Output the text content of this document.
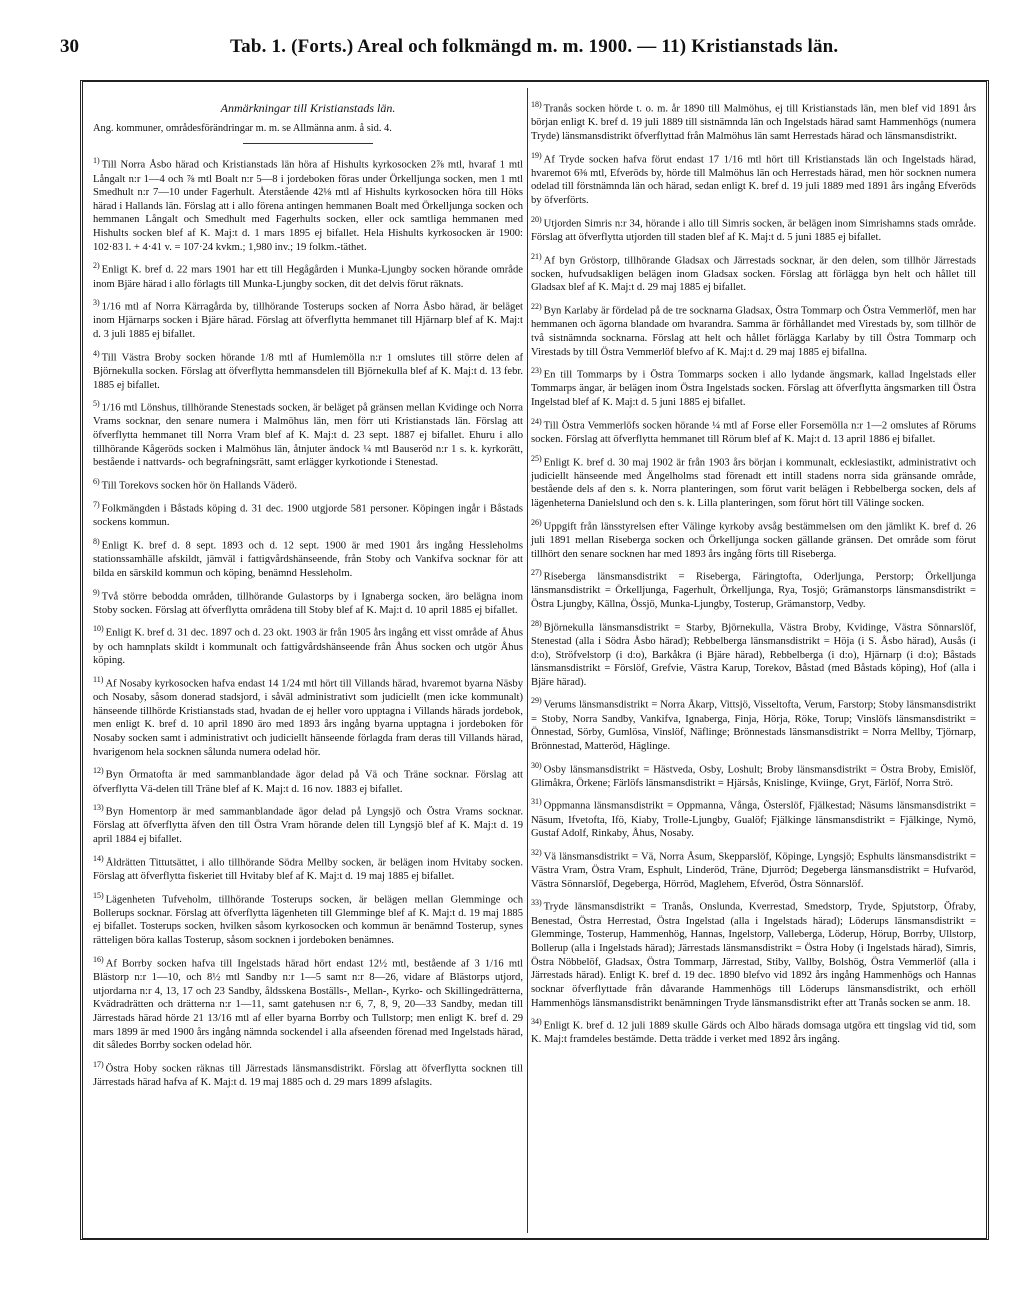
30	Tab. 1. (Forts.) Areal och folkmängd m. m. 1900. — 11) Kristianstads län.
Anmärkningar till Kristianstads län.
Ang. kommuner, områdesförändringar m. m. se Allmänna anm. å sid. 4.

$^{1)}$ Till Norra Åsbo härad och Kristianstads län höra af Hishults kyrkosocken 2⅞ mtl, hvaraf 1 mtl Långalt n:r 1—4 och ⅞ mtl Boalt n:r 5—8 i jordeboken föras under Örkelljunga socken, men 1 mtl Smedhult n:r 7—10 under Fagerhult. Återstående 42⅛ mtl af Hishults kyrkosocken höra till Höks härad i Hallands län. Förslag att i allo förena antingen hemmanen Boalt med Örkelljunga socken och hemmanen Långalt och Smedhult med Fagerhults socken, eller ock samtliga hemmanen med Hishults socken blef af K. Maj:t d. 1 mars 1895 ej bifallet. Hela Hishults kyrkosocken är 1900: 102·83 l. + 4·41 v. = 107·24 kvkm.; 1,980 inv.; 19 folkm.-täthet.

$^{2)}$ Enligt K. bref d. 22 mars 1901 har ett till Hegågården i Munka-Ljungby socken hörande område inom Bjäre härad i allo förlagts till Munka-Ljungby socken, dit det delvis förut räknats.

$^{3)}$ 1/16 mtl af Norra Kärragårda by, tillhörande Tosterups socken af Norra Åsbo härad, är beläget inom Hjärnarps socken i Bjäre härad. Förslag att öfverflytta hemmanet till Hjärnarp blef af K. Maj:t d. 3 juli 1885 ej bifallet.

$^{4)}$ Till Västra Broby socken hörande 1/8 mtl af Humlemölla n:r 1 omslutes till större delen af Björnekulla socken. Förslag att öfverflytta hemmansdelen till Björnekulla blef af K. Maj:t d. 13 febr. 1885 ej bifallet.

$^{5)}$ 1/16 mtl Lönshus, tillhörande Stenestads socken, är beläget på gränsen mellan Kvidinge och Norra Vrams socknar, den senare numera i Malmöhus län, men förr uti Kristianstads län. Förslag att öfverflytta hemmanet till Norra Vram blef af K. Maj:t d. 23 sept. 1887 ej bifallet. Ehuru i allo tillhörande Kågeröds socken i Malmöhus län, åtnjuter ändock ¼ mtl Bauseröd n:r 1 s. k. kyrkorätt, bestående i nattvards- och begrafningsrätt, samt erlägger kyrkotionde i Stenestad.

$^{6)}$ Till Torekovs socken hör ön Hallands Väderö.

$^{7)}$ Folkmängden i Båstads köping d. 31 dec. 1900 utgjorde 581 personer. Köpingen ingår i Båstads sockens kommun.

$^{8)}$ Enligt K. bref d. 8 sept. 1893 och d. 12 sept. 1900 är med 1901 års ingång Hessleholms stationssamhälle afskildt, jämväl i fattigvårdshänseende, från Stoby och Vankifva socknar för att bilda en särskild kommun och köping, benämnd Hessleholm.

$^{9)}$ Två större bebodda områden, tillhörande Gulastorps by i Ignaberga socken, äro belägna inom Stoby socken. Förslag att öfverflytta områdena till Stoby blef af K. Maj:t d. 10 april 1885 ej bifallet.

$^{10)}$ Enligt K. bref d. 31 dec. 1897 och d. 23 okt. 1903 är från 1905 års ingång ett visst område af Åhus by och hamnplats skildt i kommunalt och fattigvårdshänseende från Åhus socken och utgör Åhus köping.

$^{11)}$ Af Nosaby kyrkosocken hafva endast 14 1/24 mtl hört till Villands härad, hvaremot byarna Näsby och Nosaby, såsom donerad stadsjord, i såväl administrativt som judiciellt (men icke kommunalt) hänseende tillhörde Kristianstads stad, hvadan de ej heller voro upptagna i Villands härads jordebok, men enligt K. bref d. 10 april 1890 äro med 1893 års ingång byarna upptagna i jordeboken för Nosaby socken samt i administrativt och judiciellt hänseende förlagda fram deras till Villands härad, hvarigenom hela socknen sålunda numera odelad hör.

$^{12)}$ Byn Örmatofta är med sammanblandade ägor delad på Vä och Träne socknar. Förslag att öfverflytta Vä-delen till Träne blef af K. Maj:t d. 16 nov. 1883 ej bifallet.

$^{13)}$ Byn Homentorp är med sammanblandade ägor delad på Lyngsjö och Östra Vrams socknar. Förslag att öfverflytta äfven den till Östra Vram hörande delen till Lyngsjö blef af K. Maj:t d. 19 april 1884 ej bifallet.

$^{14)}$ Åldrätten Tittutsättet, i allo tillhörande Södra Mellby socken, är belägen inom Hvitaby socken. Förslag att öfverflytta fiskeriet till Hvitaby blef af K. Maj:t d. 19 maj 1885 ej bifallet.

$^{15)}$ Lägenheten Tufveholm, tillhörande Tosterups socken, är belägen mellan Glemminge och Bollerups socknar. Förslag att öfverflytta lägenheten till Glemminge blef af K. Maj:t d. 19 maj 1885 ej bifallet. Tosterups socken, hvilken såsom kyrkosocken och kommun är benämnd Tosterup, synes rätteligen böra kallas Tosterup, såsom socknen i jordeboken benämnes.

$^{16)}$ Af Borrby socken hafva till Ingelstads härad hört endast 12½ mtl, bestående af 3 1/16 mtl Blästorp n:r 1—10, och 8½ mtl Sandby n:r 1—5 samt n:r 8—26, vidare af Blästorps utjord, utjordarna n:r 4, 13, 17 och 23 Sandby, åldsskena Boställs-, Mellan-, Kyrko- och Skillingedrätterna, Kvädradrätten och drätterna n:r 1—11, samt gatehusen n:r 6, 7, 8, 9, 20—33 Sandby, medan till Järrestads härad hörde 21 13/16 mtl af eller byarna Borrby och Tullstorp; men enligt K. bref d. 29 mars 1899 är med 1900 års ingång nämnda sockendel i alla afseenden förenad med Ingelstads härad, dit således Borrby socken odelad hör.

$^{17)}$ Östra Hoby socken räknas till Järrestads länsmansdistrikt. Förslag att öfverflytta socknen till Järrestads härad hafva af K. Maj:t d. 19 maj 1885 och d. 29 mars 1899 afslagits.

$^{18)}$ Tranås socken hörde t. o. m. år 1890 till Malmöhus, ej till Kristianstads län, men blef vid 1891 års början enligt K. bref d. 19 juli 1889 till sistnämnda län och Ingelstads härad samt Hammenhögs (numera Tryde) länsmansdistrikt öfverflyttad från Malmöhus län samt Herrestads härad och länsmansdistrikt.

$^{19)}$ Af Tryde socken hafva förut endast 17 1/16 mtl hört till Kristianstads län och Ingelstads härad, hvaremot 6⅜ mtl, Efveröds by, hörde till Malmöhus län och Herrestads härad, men hör socknen numera odelad till förstnämnda län och härad, sedan enligt K. bref d. 19 juli 1889 med 1891 års ingång Efveröds by öfverförts.

$^{20)}$ Utjorden Simris n:r 34, hörande i allo till Simris socken, är belägen inom Simrishamns stads område. Förslag att öfverflytta utjorden till staden blef af K. Maj:t d. 5 juni 1885 ej bifallet.

$^{21)}$ Af byn Gröstorp, tillhörande Gladsax och Järrestads socknar, är den delen, som tillhör Järrestads socken, hufvudsakligen belägen inom Gladsax socken. Förslag att förlägga byn helt och hållet till Gladsax blef af K. Maj:t d. 29 maj 1885 ej bifallet.

$^{22)}$ Byn Karlaby är fördelad på de tre socknarna Gladsax, Östra Tommarp och Östra Vemmerlöf, men har hemmanen och ägorna blandade om hvarandra. Samma är förhållandet med Virestads by, som tillhör de två sistnämnda socknarna. Förslag att helt och hållet förlägga Karlaby by till Östra Tommarp och Virestads by till Östra Vemmerlöf blefvo af K. Maj:t d. 29 maj 1885 ej bifallna.

$^{23)}$ En till Tommarps by i Östra Tommarps socken i allo lydande ängsmark, kallad Ingelstads eller Tommarps ängar, är belägen inom Östra Ingelstads socken. Förslag att öfverflytta ängsmarken till Östra Ingelstad blef af K. Maj:t d. 5 juni 1885 ej bifallet.

$^{24)}$ Till Östra Vemmerlöfs socken hörande ¼ mtl af Forse eller Forsemölla n:r 1—2 omslutes af Rörums socken. Förslag att öfverflytta hemmanet till Rörum blef af K. Maj:t d. 13 april 1886 ej bifallet.

$^{25)}$ Enligt K. bref d. 30 maj 1902 är från 1903 års början i kommunalt, ecklesiastikt, administrativt och judiciellt hänseende med Ängelholms stad förenadt ett intill stadens norra sida gränsande område, bestående dels af den s. k. Norra planteringen, som förut varit belägen i Rebbelberga socken, dels af lägenheterna Danielslund och den s. k. Lilla planteringen, som förut hört till Välinge socken.

$^{26)}$ Uppgift från länsstyrelsen efter Välinge kyrkoby avsåg bestämmelsen om den jämlikt K. bref d. 26 juli 1891 mellan Riseberga socken och Örkelljunga socken gällande gränsen. Det område som förut tillhört den senare socknen har med 1893 års ingång förts till Riseberga.

$^{27)}$ Riseberga länsmansdistrikt = Riseberga, Färingtofta, Oderljunga, Perstorp; Örkelljunga länsmansdistrikt = Örkelljunga, Fagerhult, Örkelljunga, Rya, Tosjö; Grämanstorps länsmansdistrikt = Östra Ljungby, Källna, Össjö, Munka-Ljungby, Tosterup, Grämanstorp, Vedby.

$^{28)}$ Björnekulla länsmansdistrikt = Starby, Björnekulla, Västra Broby, Kvidinge, Västra Sönnarslöf, Stenestad (alla i Södra Åsbo härad); Rebbelberga länsmansdistrikt = Höja (i S. Åsbo härad), Ausås (i d:o), Ströfvelstorp (i d:o), Barkåkra (i Bjäre härad), Rebbelberga (i d:o), Hjärnarp (i d:o); Båstads länsmansdistrikt = Förslöf, Grefvie, Västra Karup, Torekov, Båstad (med Båstads köping), Hof (alla i Bjäre härad).

$^{29)}$ Verums länsmansdistrikt = Norra Åkarp, Vittsjö, Visseltofta, Verum, Farstorp; Stoby länsmansdistrikt = Stoby, Norra Sandby, Vankifva, Ignaberga, Finja, Hörja, Röke, Torup; Vinslöfs länsmansdistrikt = Önnestad, Sörby, Gumlösa, Vinslöf, Näflinge; Brönnestads länsmansdistrikt = Norra Mellby, Tjörnarp, Brönnestad, Matteröd, Häglinge.

$^{30)}$ Osby länsmansdistrikt = Hästveda, Osby, Loshult; Broby länsmansdistrikt = Östra Broby, Emislöf, Glimåkra, Örkene; Färlöfs länsmansdistrikt = Hjärsås, Knislinge, Kviinge, Gryt, Färlöf, Norra Strö.

$^{31)}$ Oppmanna länsmansdistrikt = Oppmanna, Vånga, Österslöf, Fjälkestad; Näsums länsmansdistrikt = Näsum, Ifvetofta, Ifö, Kiaby, Trolle-Ljungby, Gualöf; Fjälkinge länsmansdistrikt = Fjälkinge, Nymö, Gustaf Adolf, Rinkaby, Åhus, Nosaby.

$^{32)}$ Vä länsmansdistrikt = Vä, Norra Åsum, Skepparslöf, Köpinge, Lyngsjö; Esphults länsmansdistrikt = Västra Vram, Östra Vram, Esphult, Linderöd, Träne, Djurröd; Degeberga länsmansdistrikt = Hufvaröd, Västra Sönnarslöf, Degeberga, Hörröd, Maglehem, Efveröd, Östra Sönnarslöf.

$^{33)}$ Tryde länsmansdistrikt = Tranås, Onslunda, Kverrestad, Smedstorp, Tryde, Spjutstorp, Öfraby, Benestad, Östra Herrestad, Östra Ingelstad (alla i Ingelstads härad); Löderups länsmansdistrikt = Glemminge, Tosterup, Hammenhög, Hannas, Ingelstorp, Valleberga, Löderup, Hörup, Borrby, Ullstorp, Bollerup (alla i Ingelstads härad); Järrestads länsmansdistrikt = Östra Hoby (i Ingelstads härad), Simris, Östra Nöbbelöf, Gladsax, Östra Tommarp, Järrestad, Stiby, Vallby, Bolshög, Östra Vemmerlöf (alla i Järrestads härad). Enligt K. bref d. 19 dec. 1890 blefvo vid 1892 års ingång Hammenhögs och Hannas socknar öfverflyttade från dåvarande Hammenhögs till Löderups länsmansdistrikt, och erhöll Hammenhögs länsmansdistrikt benämningen Tryde länsmansdistrikt efter att Tranås socken se anm. 18.

$^{34)}$ Enligt K. bref d. 12 juli 1889 skulle Gärds och Albo härads domsaga utgöra ett tingslag vid tid, som K. Maj:t framdeles bestämde. Detta trädde i verket med 1892 års ingång.
